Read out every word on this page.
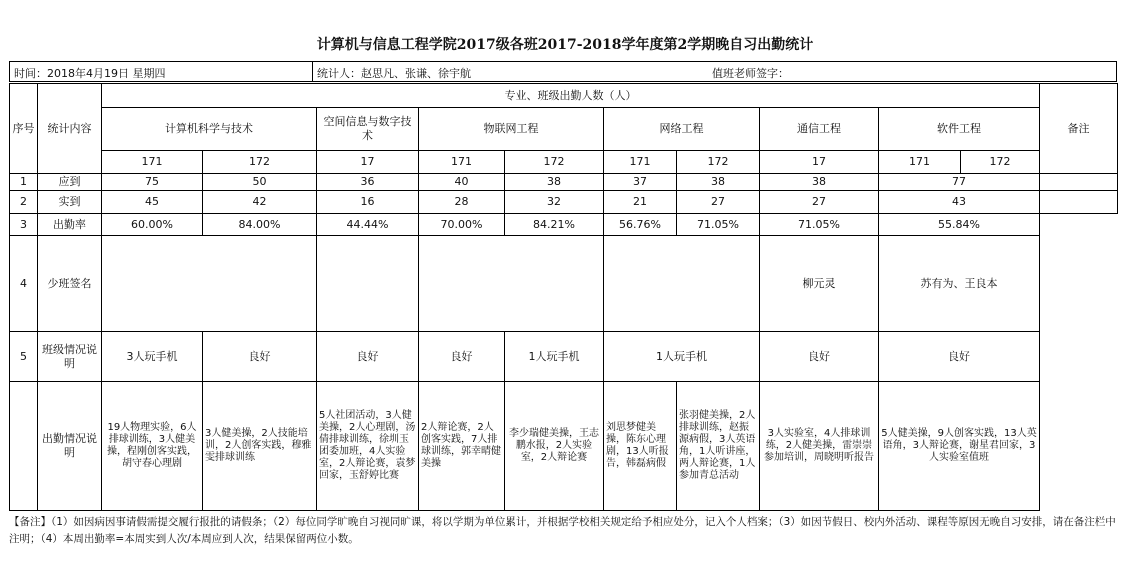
计算机与信息工程学院2017级各班2017-2018学年度第2学期晚自习出勤统计
时间：2018年4月19日 星期四	统计人：赵思凡、张谦、徐宇航	值班老师签字：
序号	统计内容	专业、班级出勤人数（人）										备注
		计算机科学与技术		空间信息与数字技术	物联网工程		网络工程		通信工程	软件工程		
		171	172	17	171	172	171	172	17	171	172	
1	应到	75	50	36	40	38	37	38	38	77		
2	实到	45	42	16	28	32	21	27	27	43		
3	出勤率	60.00%	84.00%	44.44%	70.00%	84.21%	56.76%	71.05%	71.05%	55.84%		
4	少班签名								柳元灵	苏有为、王良本		
5	班级情况说明	3人玩手机	良好	良好	良好	1人玩手机	1人玩手机		良好	良好		
	出勤情况说明	19人物理实验，6人排球训练，3人健美操，程刚创客实践，胡守春心理剧	3人健美操，2人技能培训，2人创客实践，穆雅雯排球训练	5人社团活动，3人健美操，2人心理剧，汤倩排球训练，徐圳玉团委加班，4人实验室，2人辩论赛，袁梦回家，玉舒婷比赛	2人辩论赛，2人创客实践，7人排球训练，郭幸晴健美操	李少瑞健美操，王志鹏水报，2人实验室，2人辩论赛	刘思梦健美操，陈东心理剧，13人听报告，韩磊病假	张羽健美操，2人排球训练，赵振源病假，3人英语角，1人听讲座，两人辩论赛，1人参加青总活动	3人实验室，4人排球训练，2人健美操，雷崇崇参加培训，周晓明听报告	5人健美操，9人创客实践，13人英语角，3人辩论赛，谢星君回家，3人实验室值班		
【备注】（1）如因病因事请假需提交履行报批的请假条；（2）每位同学旷晚自习视同旷课，将以学期为单位累计，并根据学校相关规定给予相应处分，记入个人档案；（3）如因节假日、校内外活动、课程等原因无晚自习安排，请在备注栏中注明；（4）本周出勤率=本周实到人次/本周应到人次，结果保留两位小数。
